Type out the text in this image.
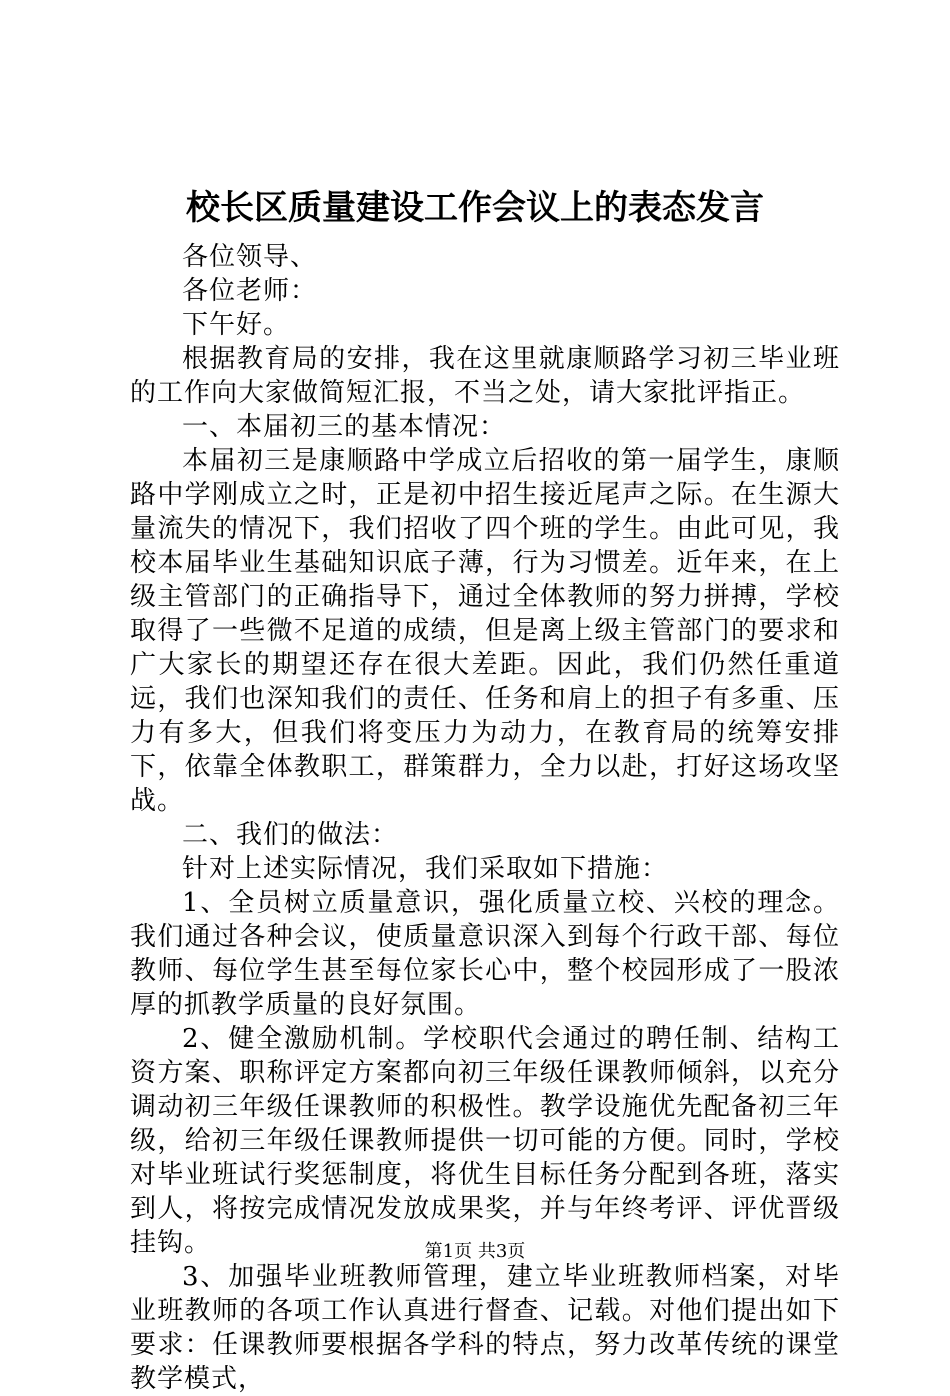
校长区质量建设工作会议上的表态发言

各位领导、

各位老师：

下午好。

根据教育局的安排，我在这里就康顺路学习初三毕业班的工作向大家做简短汇报，不当之处，请大家批评指正。

一、本届初三的基本情况：

本届初三是康顺路中学成立后招收的第一届学生，康顺路中学刚成立之时，正是初中招生接近尾声之际。在生源大量流失的情况下，我们招收了四个班的学生。由此可见，我校本届毕业生基础知识底子薄，行为习惯差。近年来，在上级主管部门的正确指导下，通过全体教师的努力拼搏，学校取得了一些微不足道的成绩，但是离上级主管部门的要求和广大家长的期望还存在很大差距。因此，我们仍然任重道远，我们也深知我们的责任、任务和肩上的担子有多重、压力有多大，但我们将变压力为动力，在教育局的统筹安排下，依靠全体教职工，群策群力，全力以赴，打好这场攻坚战。

二、我们的做法：

针对上述实际情况，我们采取如下措施：

1、全员树立质量意识，强化质量立校、兴校的理念。我们通过各种会议，使质量意识深入到每个行政干部、每位教师、每位学生甚至每位家长心中，整个校园形成了一股浓厚的抓教学质量的良好氛围。

2、健全激励机制。学校职代会通过的聘任制、结构工资方案、职称评定方案都向初三年级任课教师倾斜，以充分调动初三年级任课教师的积极性。教学设施优先配备初三年级，给初三年级任课教师提供一切可能的方便。同时，学校对毕业班试行奖惩制度，将优生目标任务分配到各班，落实到人，将按完成情况发放成果奖，并与年终考评、评优晋级挂钩。

3、加强毕业班教师管理，建立毕业班教师档案，对毕业班教师的各项工作认真进行督查、记载。对他们提出如下要求：任课教师要根据各学科的特点，努力改革传统的课堂教学模式，

第1页 共3页
